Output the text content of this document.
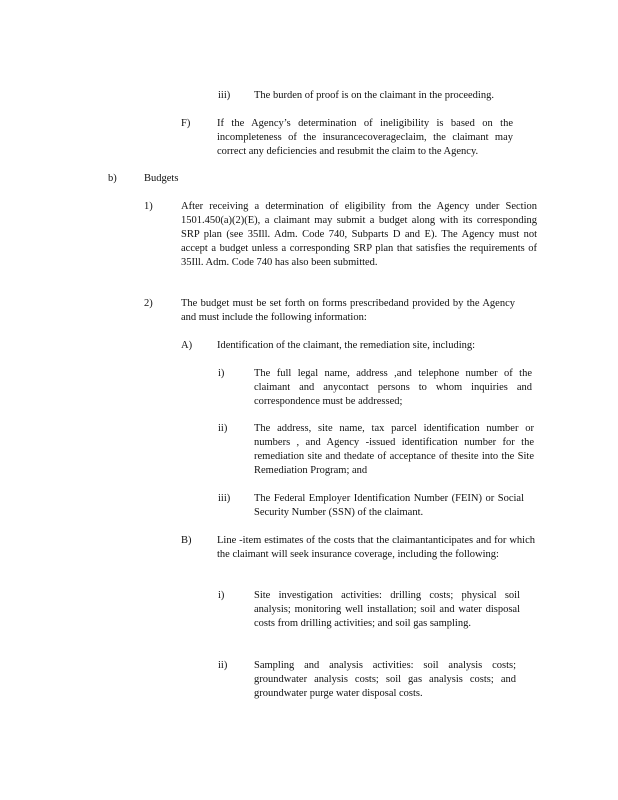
iii) The burden of proof is on the claimant in the proceeding.
F)	If the Agency’s determination of ineligibility is based on the incompleteness of the insurancecoverageclaim, the claimant may correct any deficiencies and resubmit the claim to the Agency.
b)	Budgets
1)	After receiving a determination of eligibility from the Agency under Section 1501.450(a)(2)(E), a claimant may submit a budget along with its corresponding SRP plan (see 35Ill. Adm. Code 740, Subparts D and E). The Agency must not accept a budget unless a corresponding SRP plan that satisfies the requirements of 35Ill. Adm. Code 740 has also been submitted.
2)	The budget must be set forth on forms prescribedand provided by the Agency and must include the following information:
A) Identification of the claimant, the remediation site, including:
i)	The full legal name, address ,and telephone number of the claimant and anycontact persons to whom inquiries and correspondence must be addressed;
ii)	The address, site name, tax parcel identification number or numbers , and Agency -issued identification number for the remediation site and thedate of acceptance of thesite into the Site Remediation Program; and
iii) The Federal Employer Identification Number (FEIN) or Social Security Number (SSN) of the claimant.
B) Line -item estimates of the costs that the claimantanticipates and for which the claimant will seek insurance coverage, including the following:
i)	Site investigation activities: drilling costs; physical soil analysis; monitoring well installation; soil and water disposal costs from drilling activities; and soil gas sampling.
ii)	Sampling and analysis activities: soil analysis costs; groundwater analysis costs; soil gas analysis costs; and groundwater purge water disposal costs.
